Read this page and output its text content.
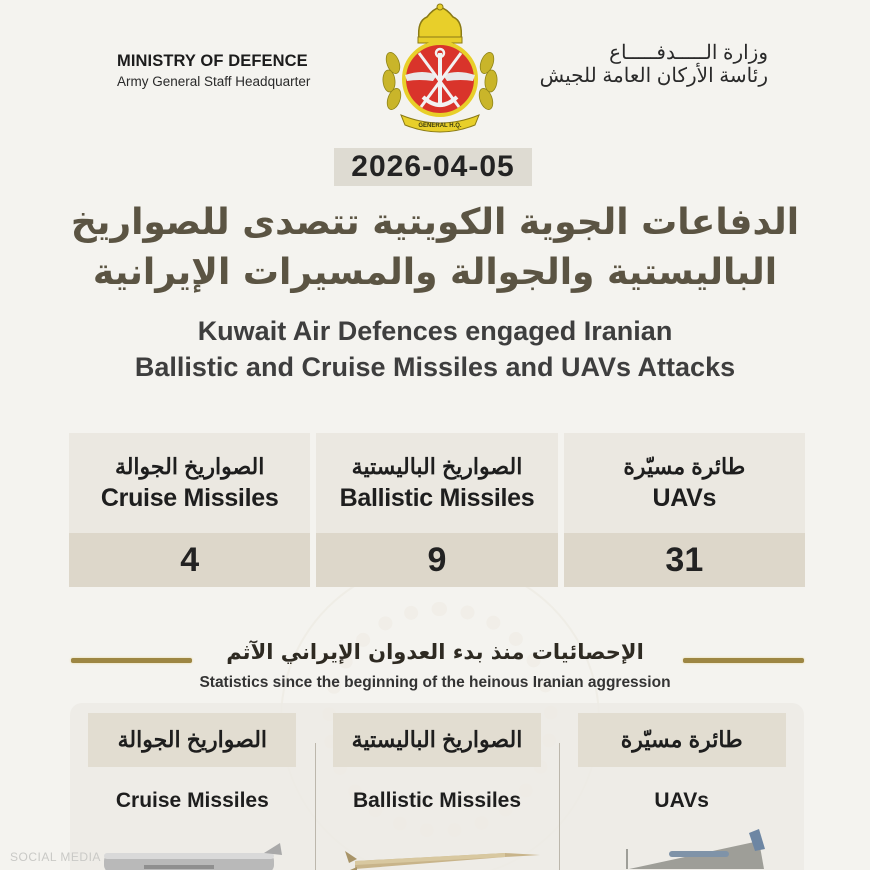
MINISTRY OF DEFENCE
Army General Staff Headquarter
GENERAL H.Q.
وزارة الـــــدفـــــاع
رئاسة الأركان العامة للجيش
2026-04-05
الدفاعات الجوية الكويتية تتصدى للصواريخ
الباليستية والجوالة والمسيرات الإيرانية
Kuwait Air Defences engaged Iranian
Ballistic and Cruise Missiles and UAVs Attacks
الصواريخ الجوالة
Cruise Missiles
4
الصواريخ الباليستية
Ballistic Missiles
9
طائرة مسيّرة
UAVs
31
الإحصائيات منذ بدء العدوان الإيراني الآثم
Statistics since the beginning of the heinous Iranian aggression
الصواريخ الجوالة
Cruise Missiles
الصواريخ الباليستية
Ballistic Missiles
طائرة مسيّرة
UAVs
SOCIAL MEDIA
